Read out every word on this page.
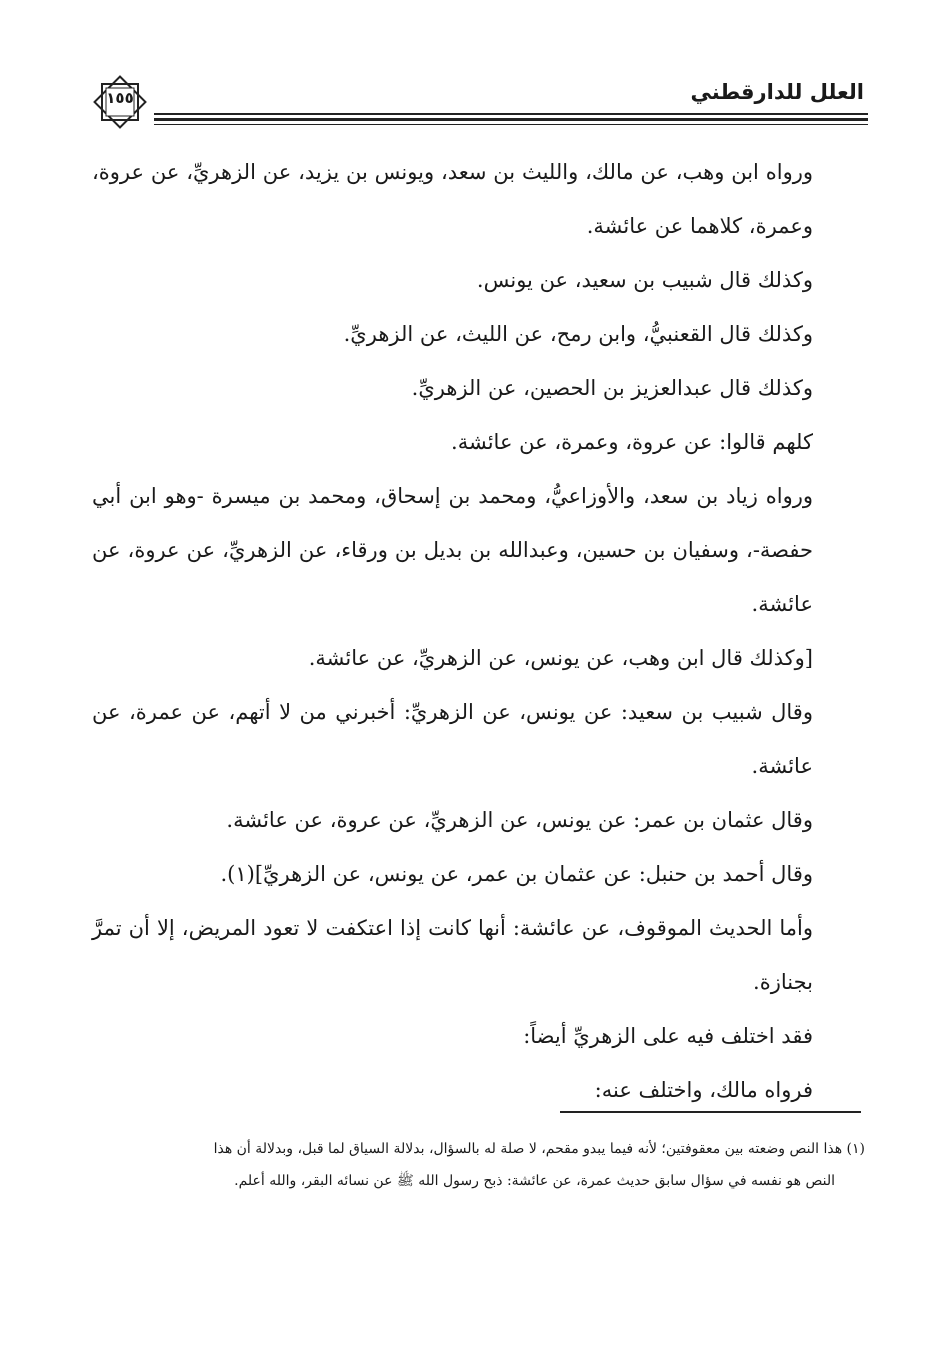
١٥٥	العلل للدارقطني

ورواه ابن وهب، عن مالك، والليث بن سعد، ويونس بن يزيد، عن الزهريِّ، عن عروة، وعمرة، كلاهما عن عائشة.

وكذلك قال شبيب بن سعيد، عن يونس.

وكذلك قال القعنبيُّ، وابن رمح، عن الليث، عن الزهريِّ.

وكذلك قال عبدالعزيز بن الحصين، عن الزهريِّ.

كلهم قالوا: عن عروة، وعمرة، عن عائشة.

ورواه زياد بن سعد، والأوزاعيُّ، ومحمد بن إسحاق، ومحمد بن ميسرة -وهو ابن أبي حفصة-، وسفيان بن حسين، وعبدالله بن بديل بن ورقاء، عن الزهريِّ، عن عروة، عن عائشة.

[وكذلك قال ابن وهب، عن يونس، عن الزهريِّ، عن عائشة.

وقال شبيب بن سعيد: عن يونس، عن الزهريِّ: أخبرني من لا أتهم، عن عمرة، عن عائشة.

وقال عثمان بن عمر: عن يونس، عن الزهريِّ، عن عروة، عن عائشة.

وقال أحمد بن حنبل: عن عثمان بن عمر، عن يونس، عن الزهريِّ](١).

وأما الحديث الموقوف، عن عائشة: أنها كانت إذا اعتكفت لا تعود المريض، إلا أن تمرَّ بجنازة.

فقد اختلف فيه على الزهريِّ أيضاً:

فرواه مالك، واختلف عنه:

(١) هذا النص وضعته بين معقوفتين؛ لأنه فيما يبدو مقحم، لا صلة له بالسؤال، بدلالة السياق لما قبل، وبدلالة أن هذا
النص هو نفسه في سؤال سابق حديث عمرة، عن عائشة: ذبح رسول الله ﷺ عن نسائه البقر، والله أعلم.
